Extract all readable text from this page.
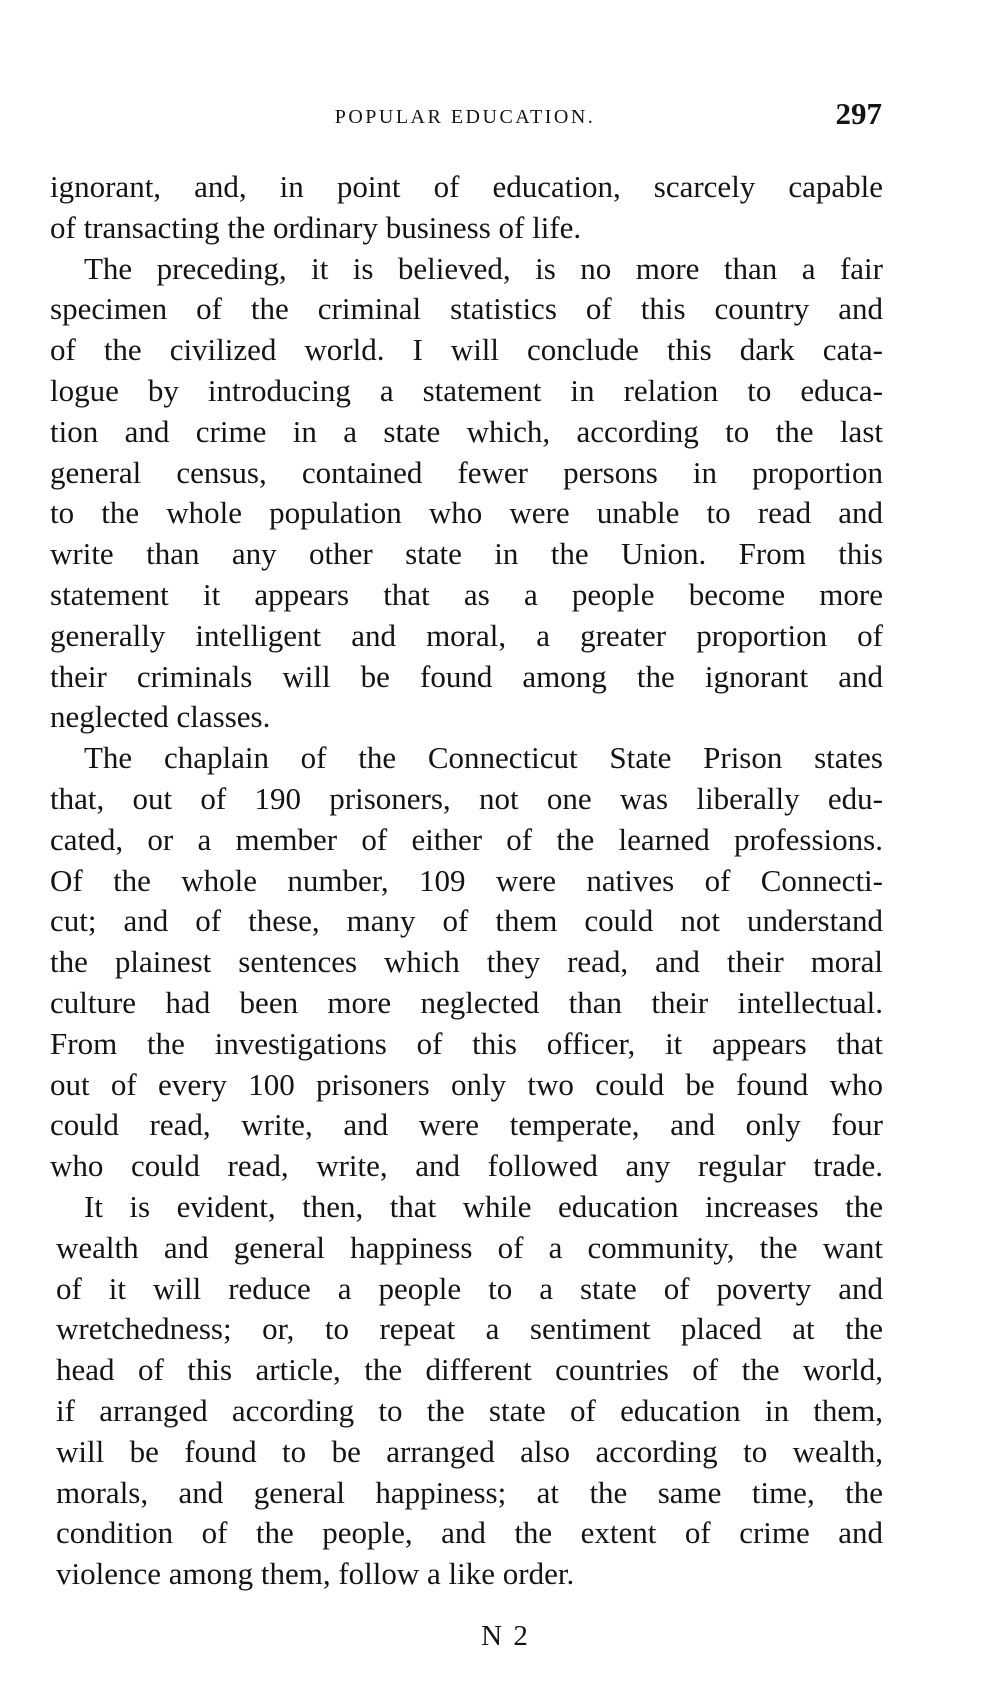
POPULAR EDUCATION.	297
ignorant, and, in point of education, scarcely capable
of transacting the ordinary business of life.
The preceding, it is believed, is no more than a fair
specimen of the criminal statistics of this country and
of the civilized world. I will conclude this dark cata-
logue by introducing a statement in relation to educa-
tion and crime in a state which, according to the last
general census, contained fewer persons in proportion
to the whole population who were unable to read and
write than any other state in the Union. From this
statement it appears that as a people become more
generally intelligent and moral, a greater proportion of
their criminals will be found among the ignorant and
neglected classes.
The chaplain of the Connecticut State Prison states
that, out of 190 prisoners, not one was liberally edu-
cated, or a member of either of the learned professions.
Of the whole number, 109 were natives of Connecti-
cut; and of these, many of them could not understand
the plainest sentences which they read, and their moral
culture had been more neglected than their intellectual.
From the investigations of this officer, it appears that
out of every 100 prisoners only two could be found who
could read, write, and were temperate, and only four
who could read, write, and followed any regular trade.
It is evident, then, that while education increases the
wealth and general happiness of a community, the want
of it will reduce a people to a state of poverty and
wretchedness; or, to repeat a sentiment placed at the
head of this article, the different countries of the world,
if arranged according to the state of education in them,
will be found to be arranged also according to wealth,
morals, and general happiness; at the same time, the
condition of the people, and the extent of crime and
violence among them, follow a like order.
N 2
